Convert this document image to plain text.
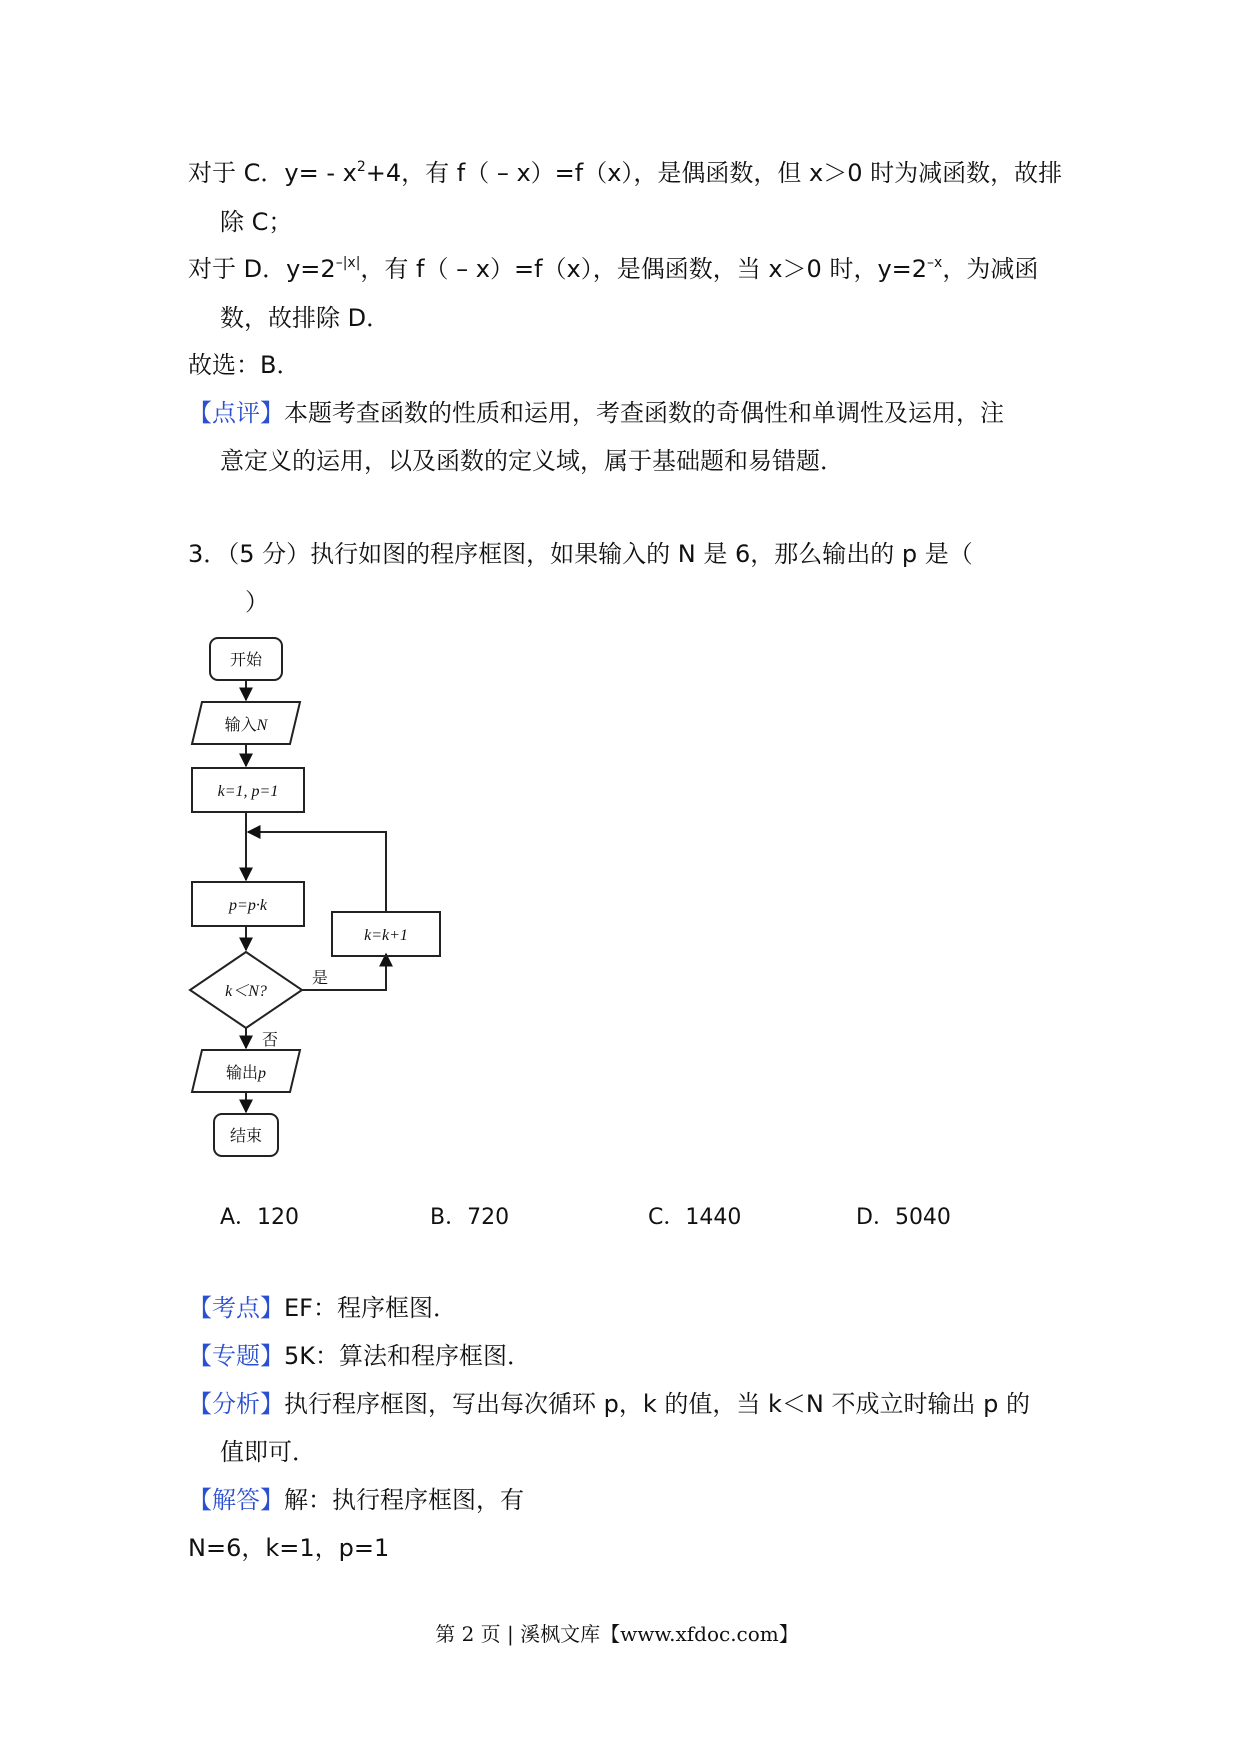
对于 C．$y= - x^2+4$，有 f（ – x）=f（x），是偶函数，但 x＞0 时为减函数，故排
除 C；
对于 D．$y=2^{-|x|}$，有 f（ – x）=f（x），是偶函数，当 x＞0 时，$y=2^{-x}$，为减函
数，故排除 D．
故选：B．
【点评】本题考查函数的性质和运用，考查函数的奇偶性和单调性及运用，注
意定义的运用，以及函数的定义域，属于基础题和易错题．
3．（5 分）执行如图的程序框图，如果输入的 N 是 6，那么输出的 p 是（
）
开始
输入N
k=1, p=1
p=p·k
k＜N?
k=k+1
是
否
输出p
结束
A．120	B．720	C．1440	D．5040
【考点】EF：程序框图．
【专题】5K：算法和程序框图．
【分析】执行程序框图，写出每次循环 p，k 的值，当 k＜N 不成立时输出 p 的
值即可．
【解答】解：执行程序框图，有
N=6，k=1，p=1
第 2 页 | 溪枫文库【www.xfdoc.com】
